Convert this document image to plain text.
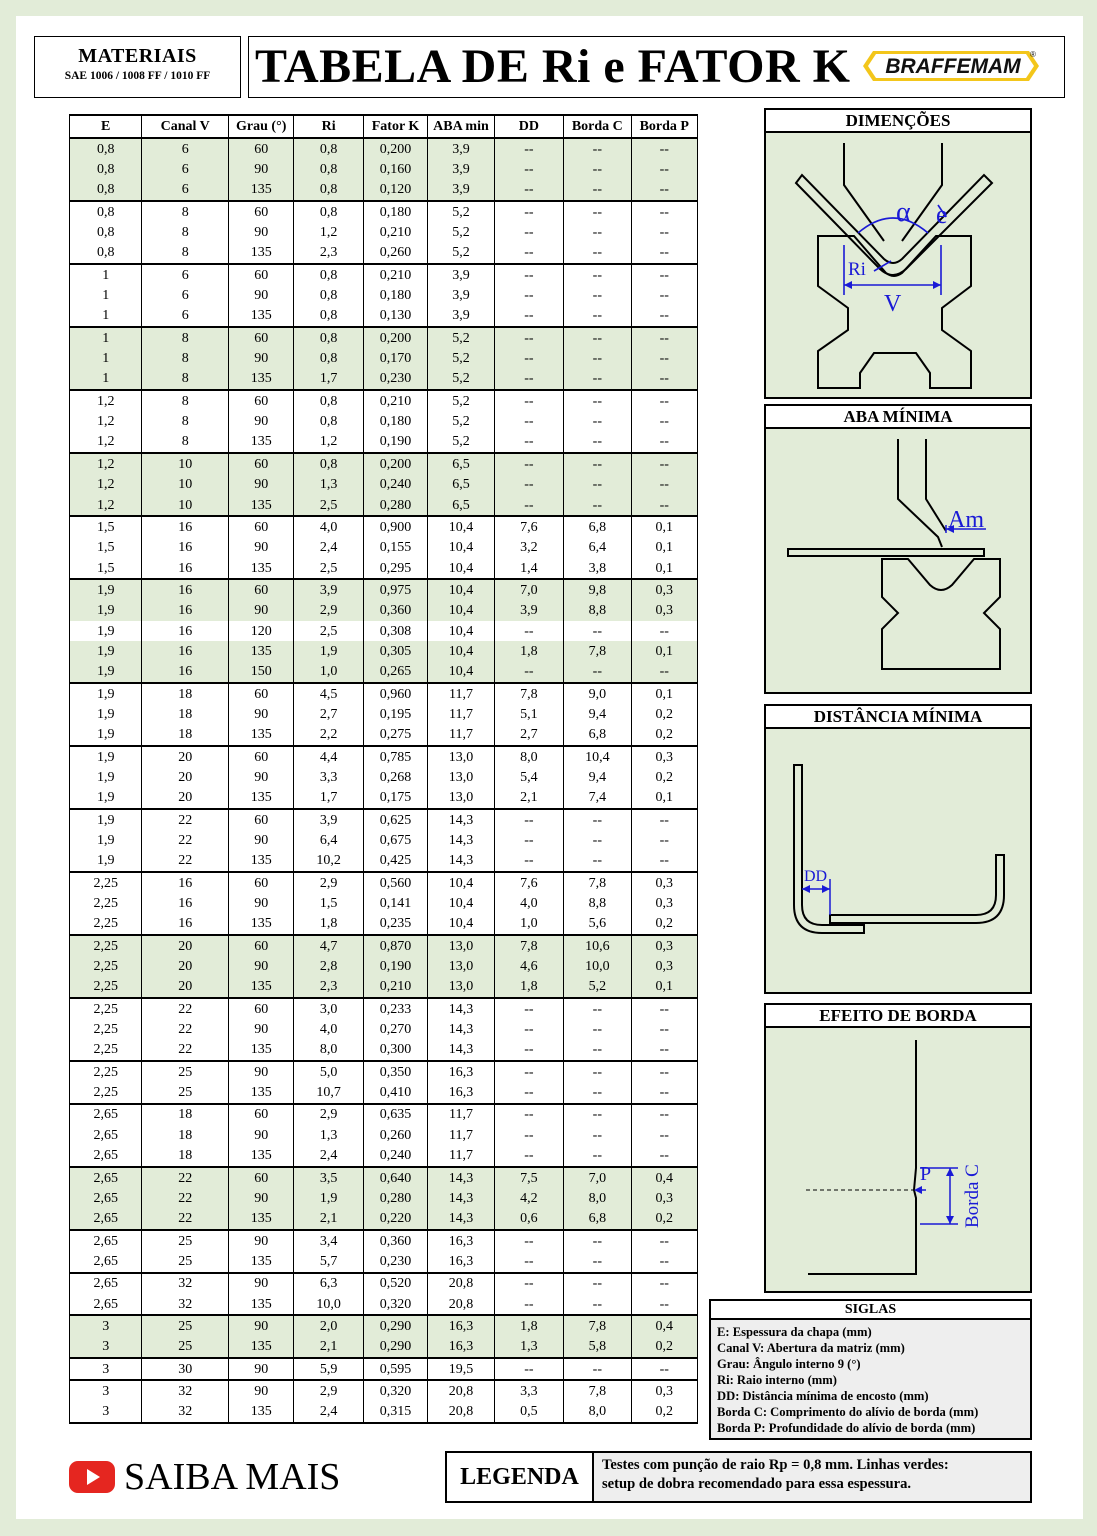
MATERIAIS
SAE 1006 / 1008 FF / 1010 FF TABELA DE Ri e FATOR K BRAFFEMAM
®
E	Canal V	Grau (°)	Ri	Fator K	ABA min	DD	Borda C	Borda P
0,8	6	60	0,8	0,200	3,9	--	--	--
0,8	6	90	0,8	0,160	3,9	--	--	--
0,8	6	135	0,8	0,120	3,9	--	--	--
0,8	8	60	0,8	0,180	5,2	--	--	--
0,8	8	90	1,2	0,210	5,2	--	--	--
0,8	8	135	2,3	0,260	5,2	--	--	--
1	6	60	0,8	0,210	3,9	--	--	--
1	6	90	0,8	0,180	3,9	--	--	--
1	6	135	0,8	0,130	3,9	--	--	--
1	8	60	0,8	0,200	5,2	--	--	--
1	8	90	0,8	0,170	5,2	--	--	--
1	8	135	1,7	0,230	5,2	--	--	--
1,2	8	60	0,8	0,210	5,2	--	--	--
1,2	8	90	0,8	0,180	5,2	--	--	--
1,2	8	135	1,2	0,190	5,2	--	--	--
1,2	10	60	0,8	0,200	6,5	--	--	--
1,2	10	90	1,3	0,240	6,5	--	--	--
1,2	10	135	2,5	0,280	6,5	--	--	--
1,5	16	60	4,0	0,900	10,4	7,6	6,8	0,1
1,5	16	90	2,4	0,155	10,4	3,2	6,4	0,1
1,5	16	135	2,5	0,295	10,4	1,4	3,8	0,1
1,9	16	60	3,9	0,975	10,4	7,0	9,8	0,3
1,9	16	90	2,9	0,360	10,4	3,9	8,8	0,3
1,9	16	120	2,5	0,308	10,4	--	--	--
1,9	16	135	1,9	0,305	10,4	1,8	7,8	0,1
1,9	16	150	1,0	0,265	10,4	--	--	--
1,9	18	60	4,5	0,960	11,7	7,8	9,0	0,1
1,9	18	90	2,7	0,195	11,7	5,1	9,4	0,2
1,9	18	135	2,2	0,275	11,7	2,7	6,8	0,2
1,9	20	60	4,4	0,785	13,0	8,0	10,4	0,3
1,9	20	90	3,3	0,268	13,0	5,4	9,4	0,2
1,9	20	135	1,7	0,175	13,0	2,1	7,4	0,1
1,9	22	60	3,9	0,625	14,3	--	--	--
1,9	22	90	6,4	0,675	14,3	--	--	--
1,9	22	135	10,2	0,425	14,3	--	--	--
2,25	16	60	2,9	0,560	10,4	7,6	7,8	0,3
2,25	16	90	1,5	0,141	10,4	4,0	8,8	0,3
2,25	16	135	1,8	0,235	10,4	1,0	5,6	0,2
2,25	20	60	4,7	0,870	13,0	7,8	10,6	0,3
2,25	20	90	2,8	0,190	13,0	4,6	10,0	0,3
2,25	20	135	2,3	0,210	13,0	1,8	5,2	0,1
2,25	22	60	3,0	0,233	14,3	--	--	--
2,25	22	90	4,0	0,270	14,3	--	--	--
2,25	22	135	8,0	0,300	14,3	--	--	--
2,25	25	90	5,0	0,350	16,3	--	--	--
2,25	25	135	10,7	0,410	16,3	--	--	--
2,65	18	60	2,9	0,635	11,7	--	--	--
2,65	18	90	1,3	0,260	11,7	--	--	--
2,65	18	135	2,4	0,240	11,7	--	--	--
2,65	22	60	3,5	0,640	14,3	7,5	7,0	0,4
2,65	22	90	1,9	0,280	14,3	4,2	8,0	0,3
2,65	22	135	2,1	0,220	14,3	0,6	6,8	0,2
2,65	25	90	3,4	0,360	16,3	--	--	--
2,65	25	135	5,7	0,230	16,3	--	--	--
2,65	32	90	6,3	0,520	20,8	--	--	--
2,65	32	135	10,0	0,320	20,8	--	--	--
3	25	90	2,0	0,290	16,3	1,8	7,8	0,4
3	25	135	2,1	0,290	16,3	1,3	5,8	0,2
3	30	90	5,9	0,595	19,5	--	--	--
3	32	90	2,9	0,320	20,8	3,3	7,8	0,3
3	32	135	2,4	0,315	20,8	0,5	8,0	0,2
DIMENÇÕES
α e
Ri
V
ABA MÍNIMA
Am
DISTÂNCIA MÍNIMA
DD
EFEITO DE BORDA
P Borda C
SIGLAS
E: Espessura da chapa (mm)
Canal V: Abertura da matriz (mm)
Grau: Ângulo interno 9 (°)
Ri: Raio interno (mm)
DD: Distância mínima de encosto (mm)
Borda C: Comprimento do alívio de borda (mm)
Borda P: Profundidade do alívio de borda (mm)
SAIBA MAIS	LEGENDA	Testes com punção de raio Rp = 0,8 mm. Linhas verdes:
setup de dobra recomendado para essa espessura.
